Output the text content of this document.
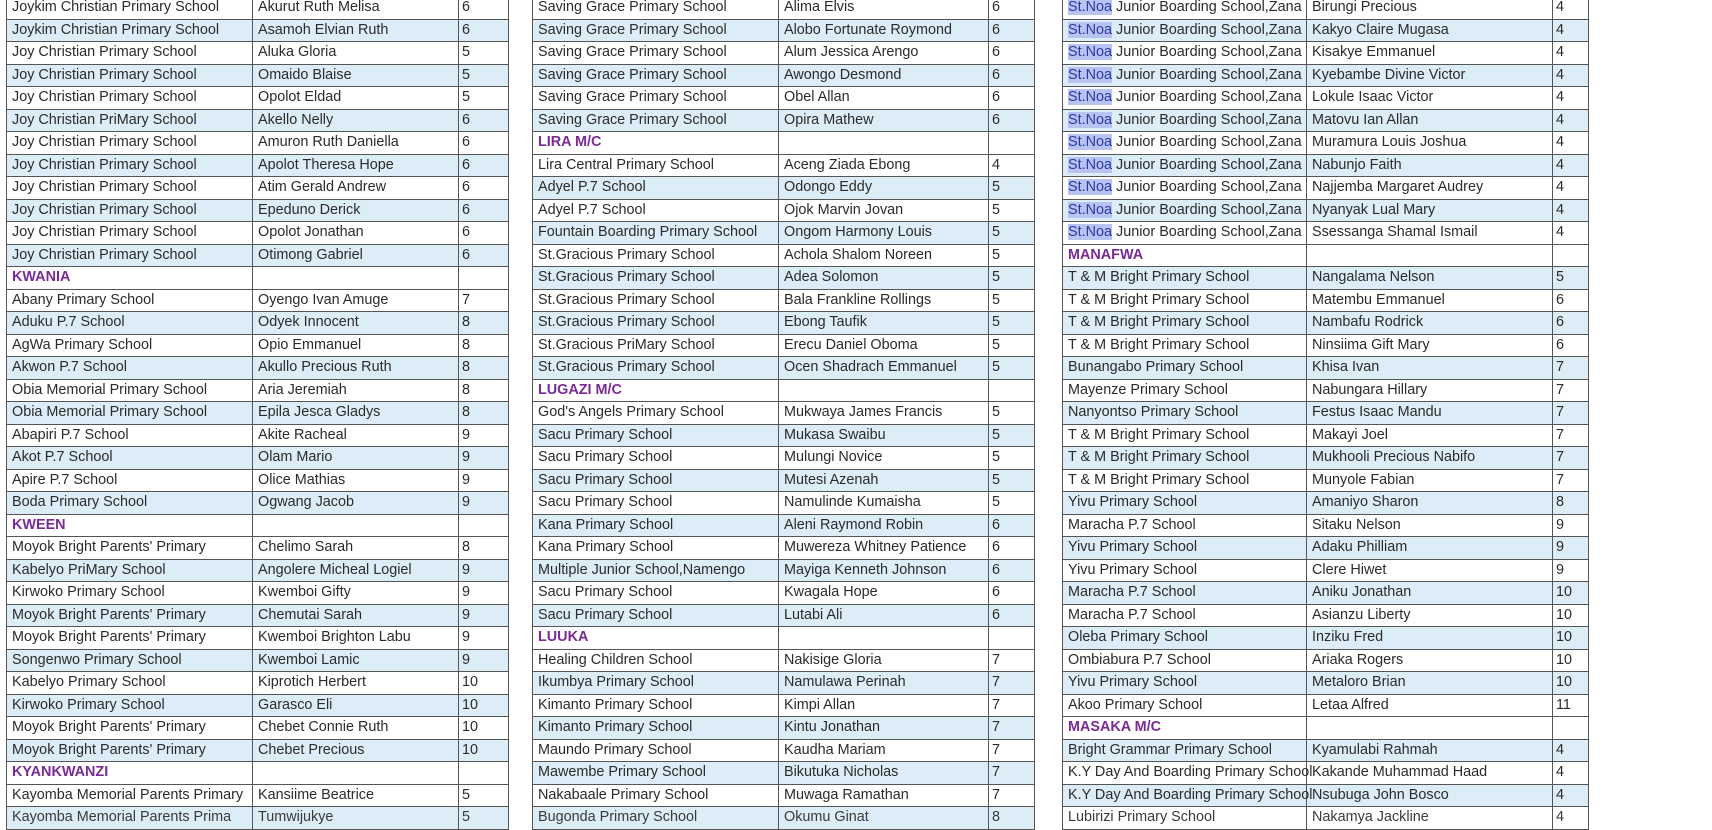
Joykim Christian Primary School	Akurut Ruth Melisa	6
Joykim Christian Primary School	Asamoh Elvian Ruth	6
Joy Christian Primary School	Aluka Gloria	5
Joy Christian Primary School	Omaido Blaise	5
Joy Christian Primary School	Opolot Eldad	5
Joy Christian PriMary School	Akello Nelly	6
Joy Christian Primary School	Amuron Ruth Daniella	6
Joy Christian Primary School	Apolot Theresa Hope	6
Joy Christian Primary School	Atim Gerald Andrew	6
Joy Christian Primary School	Epeduno Derick	6
Joy Christian Primary School	Opolot Jonathan	6
Joy Christian Primary School	Otimong Gabriel	6
KWANIA		
Abany Primary School	Oyengo Ivan Amuge	7
Aduku P.7 School	Odyek Innocent	8
AgWa Primary School	Opio Emmanuel	8
Akwon P.7 School	Akullo Precious Ruth	8
Obia Memorial Primary School	Aria Jeremiah	8
Obia Memorial Primary School	Epila Jesca Gladys	8
Abapiri P.7 School	Akite Racheal	9
Akot P.7 School	Olam Mario	9
Apire P.7 School	Olice Mathias	9
Boda Primary School	Ogwang Jacob	9
KWEEN		
Moyok Bright Parents' Primary	Chelimo Sarah	8
Kabelyo PriMary School	Angolere Micheal Logiel	9
Kirwoko Primary School	Kwemboi Gifty	9
Moyok Bright Parents' Primary	Chemutai Sarah	9
Moyok Bright Parents' Primary	Kwemboi Brighton Labu	9
Songenwo Primary School	Kwemboi Lamic	9
Kabelyo Primary School	Kiprotich Herbert	10
Kirwoko Primary School	Garasco Eli	10
Moyok Bright Parents' Primary	Chebet Connie Ruth	10
Moyok Bright Parents' Primary	Chebet Precious	10
KYANKWANZI		
Kayomba Memorial Parents Primary	Kansiime Beatrice	5
Kayomba Memorial Parents Prima	Tumwijukye	5
Saving Grace Primary School	Alima Elvis	6
Saving Grace Primary School	Alobo Fortunate Roymond	6
Saving Grace Primary School	Alum Jessica Arengo	6
Saving Grace Primary School	Awongo Desmond	6
Saving Grace Primary School	Obel Allan	6
Saving Grace Primary School	Opira Mathew	6
LIRA M/C		
Lira Central Primary School	Aceng Ziada Ebong	4
Adyel P.7 School	Odongo Eddy	5
Adyel P.7 School	Ojok Marvin Jovan	5
Fountain Boarding Primary School	Ongom Harmony Louis	5
St.Gracious Primary School	Achola Shalom Noreen	5
St.Gracious Primary School	Adea Solomon	5
St.Gracious Primary School	Bala Frankline Rollings	5
St.Gracious Primary School	Ebong Taufik	5
St.Gracious PriMary School	Erecu Daniel Oboma	5
St.Gracious Primary School	Ocen Shadrach Emmanuel	5
LUGAZI M/C		
God's Angels Primary School	Mukwaya James Francis	5
Sacu Primary School	Mukasa Swaibu	5
Sacu Primary School	Mulungi Novice	5
Sacu Primary School	Mutesi Azenah	5
Sacu Primary School	Namulinde Kumaisha	5
Kana Primary School	Aleni Raymond Robin	6
Kana Primary School	Muwereza Whitney Patience	6
Multiple Junior School,Namengo	Mayiga Kenneth Johnson	6
Sacu Primary School	Kwagala Hope	6
Sacu Primary School	Lutabi Ali	6
LUUKA		
Healing Children School	Nakisige Gloria	7
Ikumbya Primary School	Namulawa Perinah	7
Kimanto Primary School	Kimpi Allan	7
Kimanto Primary School	Kintu Jonathan	7
Maundo Primary School	Kaudha Mariam	7
Mawembe Primary School	Bikutuka Nicholas	7
Nakabaale Primary School	Muwaga Ramathan	7
Bugonda Primary School	Okumu Ginat	8
St.Noa Junior Boarding School,Zana	Birungi Precious	4
St.Noa Junior Boarding School,Zana	Kakyo Claire Mugasa	4
St.Noa Junior Boarding School,Zana	Kisakye Emmanuel	4
St.Noa Junior Boarding School,Zana	Kyebambe Divine Victor	4
St.Noa Junior Boarding School,Zana	Lokule Isaac Victor	4
St.Noa Junior Boarding School,Zana	Matovu Ian Allan	4
St.Noa Junior Boarding School,Zana	Muramura Louis Joshua	4
St.Noa Junior Boarding School,Zana	Nabunjo Faith	4
St.Noa Junior Boarding School,Zana	Najjemba Margaret Audrey	4
St.Noa Junior Boarding School,Zana	Nyanyak Lual Mary	4
St.Noa Junior Boarding School,Zana	Ssessanga Shamal Ismail	4
MANAFWA		
T & M Bright Primary School	Nangalama Nelson	5
T & M Bright Primary School	Matembu Emmanuel	6
T & M Bright Primary School	Nambafu Rodrick	6
T & M Bright Primary School	Ninsiima Gift Mary	6
Bunangabo Primary School	Khisa Ivan	7
Mayenze Primary School	Nabungara Hillary	7
Nanyontso Primary School	Festus Isaac Mandu	7
T & M Bright Primary School	Makayi Joel	7
T & M Bright Primary School	Mukhooli Precious Nabifo	7
T & M Bright Primary School	Munyole Fabian	7
Yivu Primary School	Amaniyo Sharon	8
Maracha P.7 School	Sitaku Nelson	9
Yivu Primary School	Adaku Philliam	9
Yivu Primary School	Clere Hiwet	9
Maracha P.7 School	Aniku Jonathan	10
Maracha P.7 School	Asianzu Liberty	10
Oleba Primary School	Inziku Fred	10
Ombiabura P.7 School	Ariaka Rogers	10
Yivu Primary School	Metaloro Brian	10
Akoo Primary School	Letaa Alfred	11
MASAKA M/C		
Bright Grammar Primary School	Kyamulabi Rahmah	4
K.Y Day And Boarding Primary School	Kakande Muhammad Haad	4
K.Y Day And Boarding Primary School	Nsubuga John Bosco	4
Lubirizi Primary School	Nakamya Jackline	4
